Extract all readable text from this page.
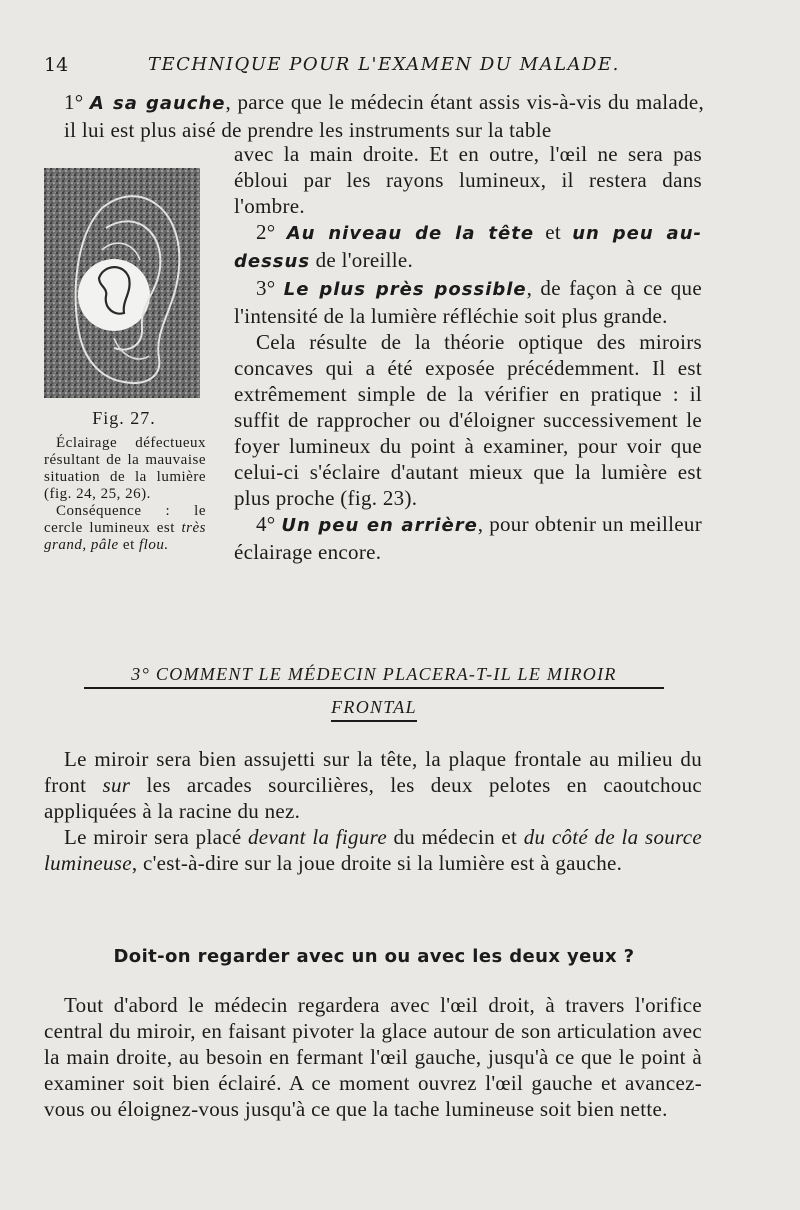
14	TECHNIQUE POUR L'EXAMEN DU MALADE.
1° A sa gauche, parce que le médecin étant assis vis-à-vis du malade, il lui est plus aisé de prendre les instruments sur la table
Fig. 27.

Éclairage défectueux résultant de la mauvaise situation de la lumière (fig. 24, 25, 26).

Conséquence : le cercle lumineux est très grand, pâle et flou.

avec la main droite. Et en outre, l'œil ne sera pas ébloui par les rayons lumineux, il restera dans l'ombre.

2° Au niveau de la tête et un peu au-dessus de l'oreille.

3° Le plus près possible, de façon à ce que l'intensité de la lumière réfléchie soit plus grande.

Cela résulte de la théorie optique des miroirs concaves qui a été exposée précédemment. Il est extrêmement simple de la vérifier en pratique : il suffit de rapprocher ou d'éloigner successivement le foyer lumineux du point à examiner, pour voir que celui-ci s'éclaire d'autant mieux que la lumière est plus proche (fig. 23).

4° Un peu en arrière, pour obtenir un meilleur éclairage encore.

3° COMMENT LE MÉDECIN PLACERA-T-IL LE MIROIR
FRONTAL

Le miroir sera bien assujetti sur la tête, la plaque frontale au milieu du front sur les arcades sourcilières, les deux pelotes en caoutchouc appliquées à la racine du nez.

Le miroir sera placé devant la figure du médecin et du côté de la source lumineuse, c'est-à-dire sur la joue droite si la lumière est à gauche.

Doit-on regarder avec un ou avec les deux yeux ?

Tout d'abord le médecin regardera avec l'œil droit, à travers l'orifice central du miroir, en faisant pivoter la glace autour de son articulation avec la main droite, au besoin en fermant l'œil gauche, jusqu'à ce que le point à examiner soit bien éclairé. A ce moment ouvrez l'œil gauche et avancez-vous ou éloignez-vous jusqu'à ce que la tache lumineuse soit bien nette.
